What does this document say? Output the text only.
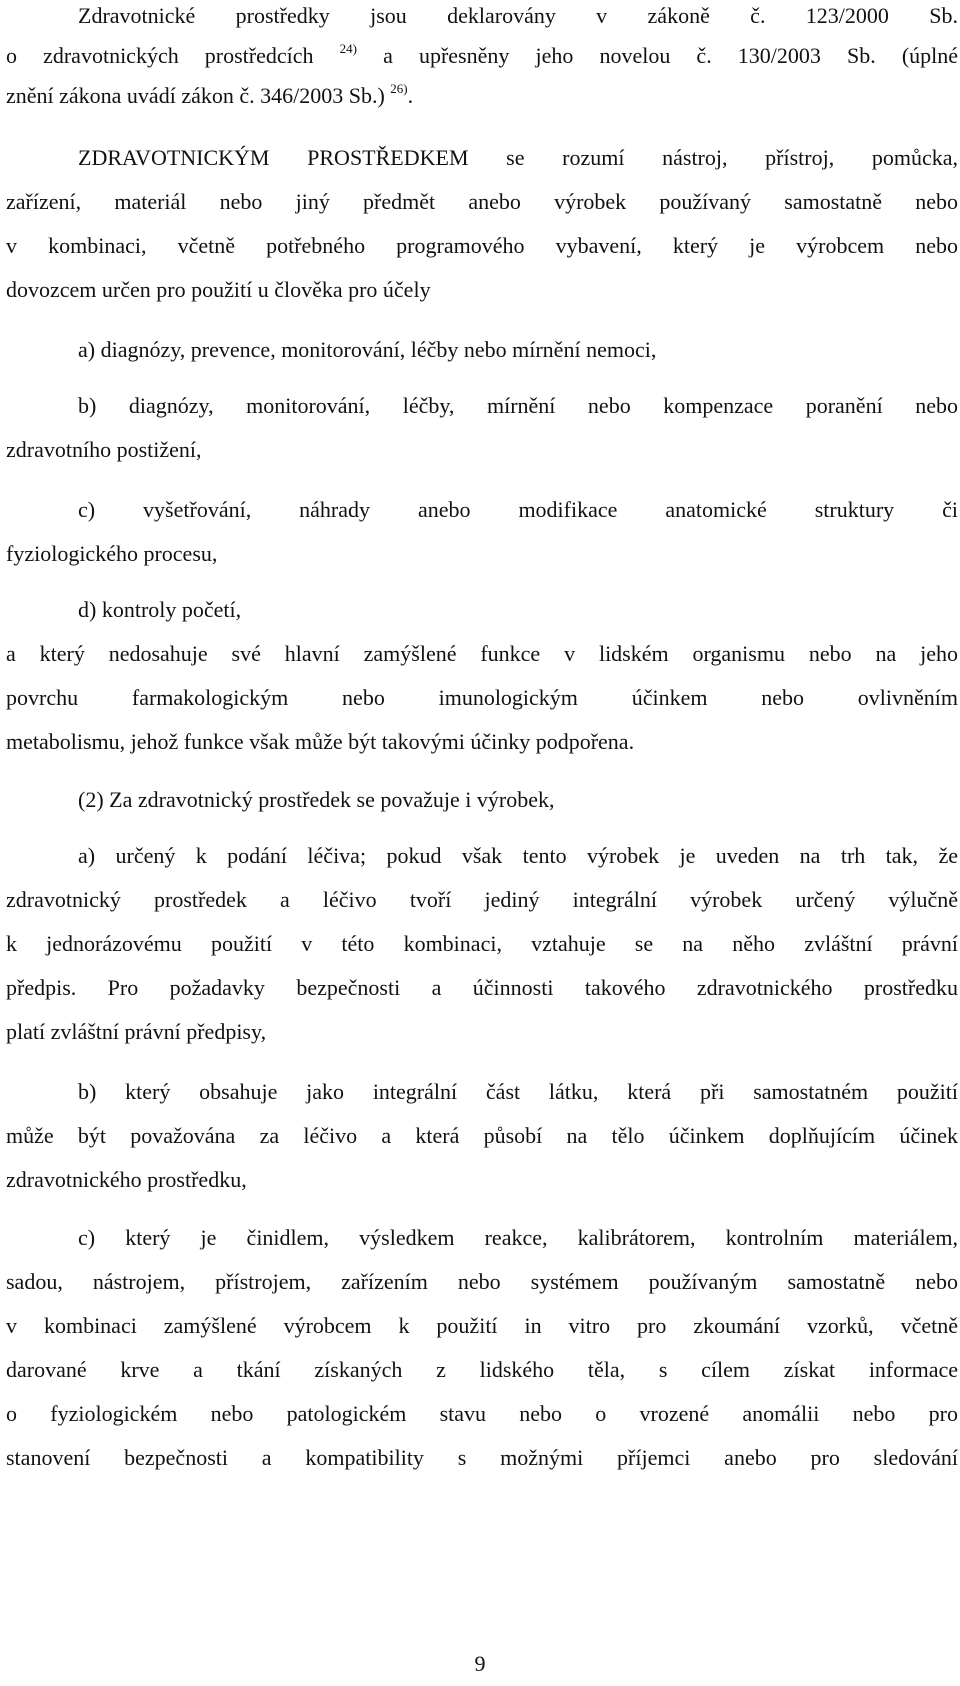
Zdravotnické prostředky jsou deklarovány v zákoně č. 123/2000 Sb.
o zdravotnických prostředcích $^{24)}$ a upřesněny jeho novelou č. 130/2003 Sb. (úplné
znění zákona uvádí zákon č. 346/2003 Sb.) $^{26)}$.
ZDRAVOTNICKÝM PROSTŘEDKEM se rozumí nástroj, přístroj, pomůcka,
zařízení, materiál nebo jiný předmět anebo výrobek používaný samostatně nebo
v kombinaci, včetně potřebného programového vybavení, který je výrobcem nebo
dovozcem určen pro použití u člověka pro účely
a) diagnózy, prevence, monitorování, léčby nebo mírnění nemoci,
b) diagnózy, monitorování, léčby, mírnění nebo kompenzace poranění nebo
zdravotního postižení,
c) vyšetřování, náhrady anebo modifikace anatomické struktury či
fyziologického procesu,
d) kontroly početí,
a který nedosahuje své hlavní zamýšlené funkce v lidském organismu nebo na jeho
povrchu farmakologickým nebo imunologickým účinkem nebo ovlivněním
metabolismu, jehož funkce však může být takovými účinky podpořena.
(2) Za zdravotnický prostředek se považuje i výrobek,
a) určený k podání léčiva; pokud však tento výrobek je uveden na trh tak, že
zdravotnický prostředek a léčivo tvoří jediný integrální výrobek určený výlučně
k jednorázovému použití v této kombinaci, vztahuje se na něho zvláštní právní
předpis. Pro požadavky bezpečnosti a účinnosti takového zdravotnického prostředku
platí zvláštní právní předpisy,
b) který obsahuje jako integrální část látku, která při samostatném použití
může být považována za léčivo a která působí na tělo účinkem doplňujícím účinek
zdravotnického prostředku,
c) který je činidlem, výsledkem reakce, kalibrátorem, kontrolním materiálem,
sadou, nástrojem, přístrojem, zařízením nebo systémem používaným samostatně nebo
v kombinaci zamýšlené výrobcem k použití in vitro pro zkoumání vzorků, včetně
darované krve a tkání získaných z lidského těla, s cílem získat informace
o fyziologickém nebo patologickém stavu nebo o vrozené anomálii nebo pro
stanovení bezpečnosti a kompatibility s možnými příjemci anebo pro sledování
9
